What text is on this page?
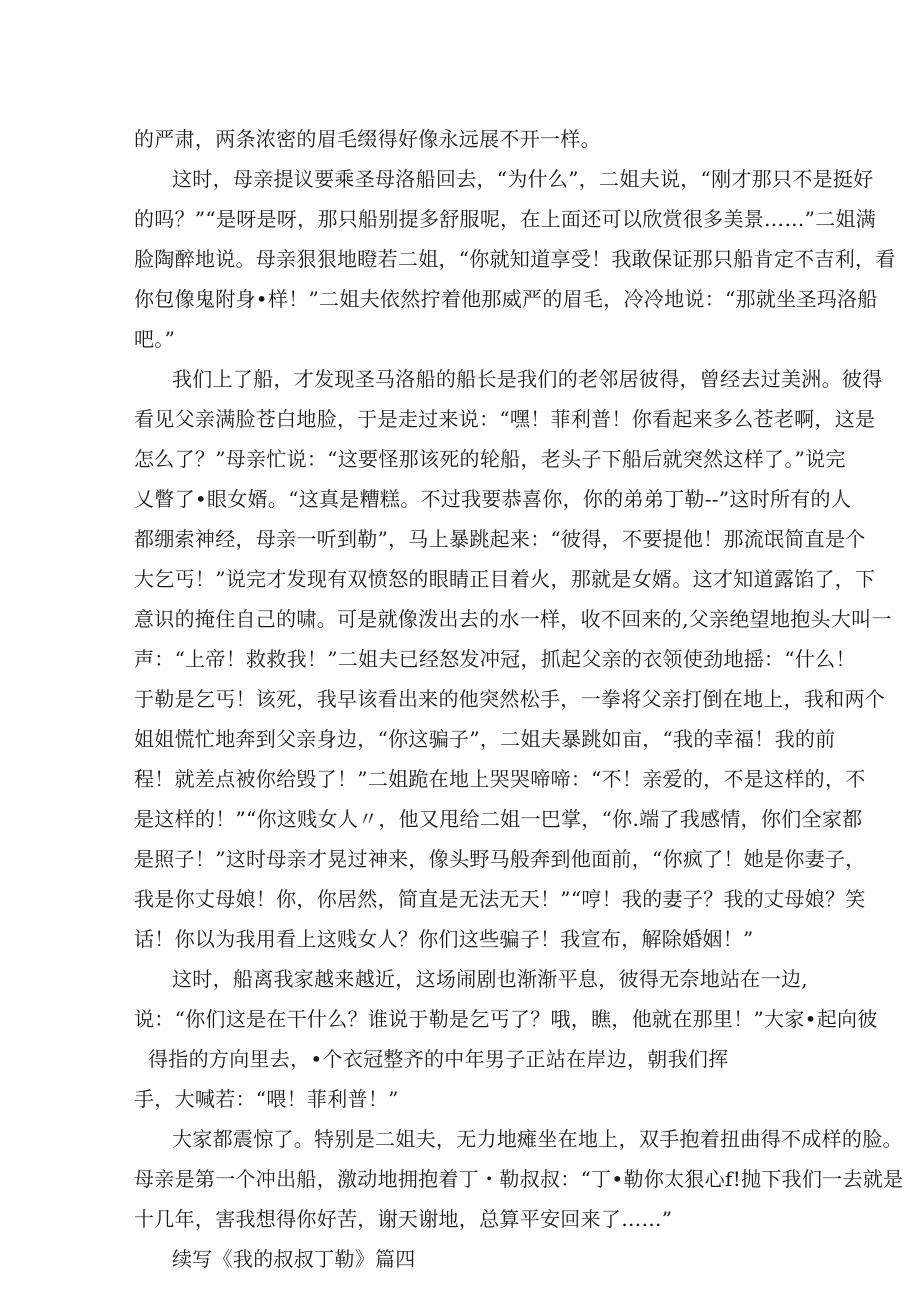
的严肃，两条浓密的眉毛缀得好像永远展不开一样。

这时，母亲提议要乘圣母洛船回去，“为什么”，二姐夫说，“刚才那只不是挺好

的吗？”“是呀是呀，那只船别提多舒服呢，在上面还可以欣赏很多美景……”二姐满

脸陶醉地说。母亲狠狠地瞪若二姐，“你就知道享受！我敢保证那只船肯定不吉利，看

你包像鬼附身•样！”二姐夫依然拧着他那威严的眉毛，冷冷地说：“那就坐圣玛洛船

吧。”

我们上了船，才发现圣马洛船的船长是我们的老邻居彼得，曾经去过美洲。彼得

看见父亲满脸苍白地脸，于是走过来说：“嘿！菲利普！你看起来多么苍老啊，这是

怎么了？”母亲忙说：“这要怪那该死的轮船，老头子下船后就突然这样了。”说完

乂瞥了•眼女婿。“这真是糟糕。不过我要恭喜你，你的弟弟丁勒--”这时所有的人

都绷索神经，母亲一听到勒”，马上暴跳起来：“彼得，不要提他！那流氓简直是个

大乞丐！”说完才发现有双愤怒的眼睛正目着火，那就是女婿。这才知道露馅了，下

意识的掩住自己的啸。可是就像泼出去的水一样，收不回来的,父亲绝望地抱头大叫一

声：“上帝！救救我！”二姐夫已经怒发冲冠，抓起父亲的衣领使劲地摇：“什么！

于勒是乞丐！该死，我早该看出来的他突然松手，一拳将父亲打倒在地上，我和两个

姐姐慌忙地奔到父亲身边，“你这骗子”，二姐夫暴跳如亩，“我的幸福！我的前

程！就差点被你给毁了！”二姐跪在地上哭哭啼啼：“不！亲爱的，不是这样的，不

是这样的！”“你这贱女人〃，他又甩给二姐一巴掌，“你.端了我感情，你们全家都

是照子！”这时母亲才晃过神来，像头野马般奔到他面前，“你疯了！她是你妻子，

我是你丈母娘！你，你居然，简直是无法无天！”“哼！我的妻子？我的丈母娘？笑

话！你以为我用看上这贱女人？你们这些骗子！我宣布，解除婚姻！”

这时，船离我家越来越近，这场闹剧也渐渐平息，彼得无奈地站在一边,

说：“你们这是在干什么？谁说于勒是乞丐了？哦，瞧，他就在那里！”大家•起向彼

得指的方向里去，•个衣冠整齐的中年男子正站在岸边，朝我们挥

手，大喊若：“喂！菲利普！”

大家都震惊了。特别是二姐夫，无力地瘫坐在地上，双手抱着扭曲得不成样的脸。

母亲是第一个冲出船，激动地拥抱着丁・勒叔叔：“丁•勒你太狠心f!抛下我们一去就是

十几年，害我想得你好苦，谢天谢地，总算平安回来了……”

续写《我的叔叔丁勒》篇四
